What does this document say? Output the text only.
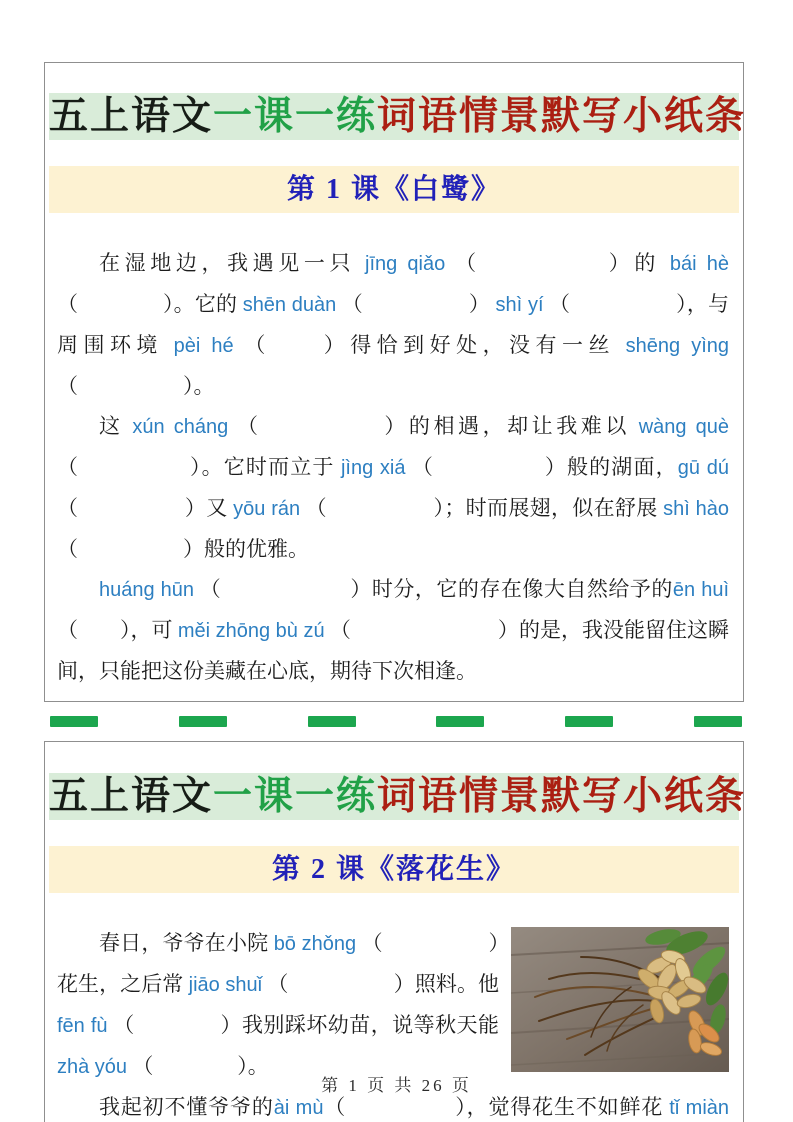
五上语文一课一练词语情景默写小纸条
第 1 课《白鹭》

在湿地边，我遇见一只 jīng qiǎo （　　　　　）的 bái hè （　　　　）。它的 shēn duàn （　　　　　） shì yí （　　　　　），与周围环境 pèi hé （　　）得恰到好处，没有一丝 shēng yìng （　　　　　）。

这 xún cháng （　　　　　）的相遇，却让我难以 wàng què （　　　　　）。它时而立于 jìng xiá （　　　　　）般的湖面，gū dú （　　　　　）又 yōu rán （　　　　　）；时而展翅，似在舒展 shì hào （　　　　　）般的优雅。

huáng hūn （　　　　　　）时分，它的存在像大自然给予的ēn huì （　　），可 měi zhōng bù zú （　　　　　　　）的是，我没能留住这瞬间，只能把这份美藏在心底，期待下次相逢。

五上语文一课一练词语情景默写小纸条
第 2 课《落花生》

春日，爷爷在小院 bō zhǒng （　　　　　）花生，之后常 jiāo shuǐ （　　　　　）照料。他 fēn fù （　　　　）我别踩坏幼苗，说等秋天能 zhà yóu （　　　　）。

我起初不懂爷爷的ài mù（　　　　　），觉得花生不如鲜花 tǐ miàn

第 1 页 共 26 页
